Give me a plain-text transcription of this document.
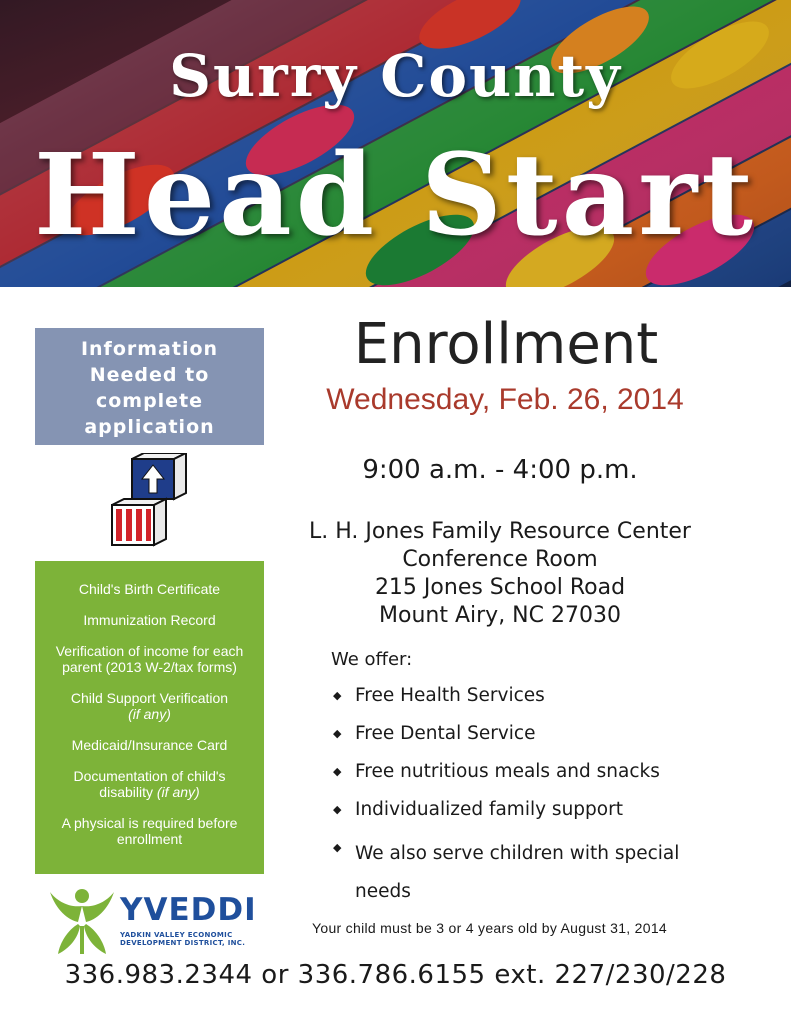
Surry County
Head Start
Information
Needed to
complete
application
Child's Birth Certificate
Immunization Record
Verification of income for each parent (2013 W-2/tax forms)
Child Support Verification
(if any)
Medicaid/Insurance Card
Documentation of child's disability (if any)
A physical is required before enrollment
YVEDDI
YADKIN VALLEY ECONOMIC DEVELOPMENT DISTRICT, INC.
Enrollment
Wednesday, Feb. 26, 2014
9:00 a.m. - 4:00 p.m.
L. H. Jones Family Resource Center
Conference Room
215 Jones School Road
Mount Airy, NC 27030
We offer:
◆ Free Health Services
◆ Free Dental Service
◆ Free nutritious meals and snacks
◆ Individualized family support
◆ We also serve children with special needs
Your child must be 3 or 4 years old by August 31, 2014
336.983.2344 or 336.786.6155 ext. 227/230/228
